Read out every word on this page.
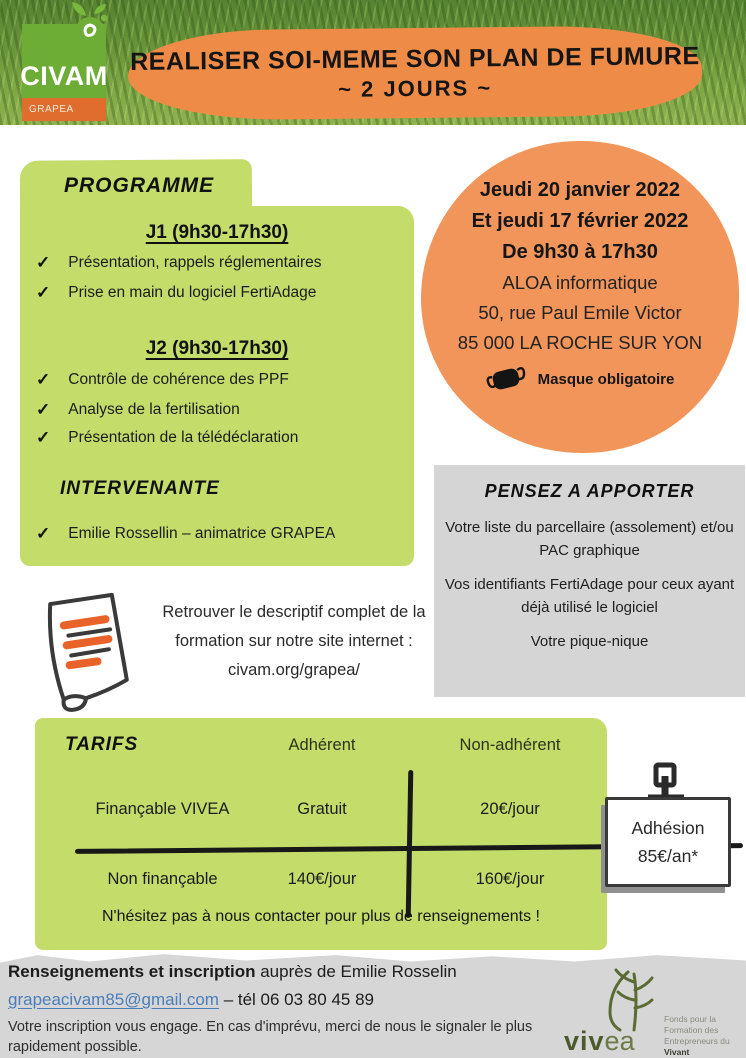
REALISER SOI-MEME SON PLAN DE FUMURE
~ 2 JOURS ~
CIVAM
GRAPEA
PROGRAMME
J1 (9h30-17h30)
✓ Présentation, rappels réglementaires
✓ Prise en main du logiciel FertiAdage
J2 (9h30-17h30)
✓ Contrôle de cohérence des PPF
✓ Analyse de la fertilisation
✓ Présentation de la télédéclaration
INTERVENANTE
✓ Emilie Rossellin – animatrice GRAPEA
Jeudi 20 janvier 2022
Et jeudi 17 février 2022
De 9h30 à 17h30
ALOA informatique
50, rue Paul Emile Victor
85 000 LA ROCHE SUR YON
Masque obligatoire
PENSEZ A APPORTER
Votre liste du parcellaire (assolement) et/ou PAC graphique
Vos identifiants FertiAdage pour ceux ayant déjà utilisé le logiciel
Votre pique-nique
Retrouver le descriptif complet de la formation sur notre site internet : civam.org/grapea/
TARIFS	Adhérent	Non-adhérent
Finançable VIVEA	Gratuit	20€/jour
Non finançable	140€/jour	160€/jour
N'hésitez pas à nous contacter pour plus de renseignements !
Adhésion
85€/an*
Renseignements et inscription auprès de Emilie Rosselin
grapeacivam85@gmail.com – tél 06 03 80 45 89
Votre inscription vous engage. En cas d'imprévu, merci de nous le signaler le plus rapidement possible.	vivea
Fonds pour la Formation des Entrepreneurs du Vivant
